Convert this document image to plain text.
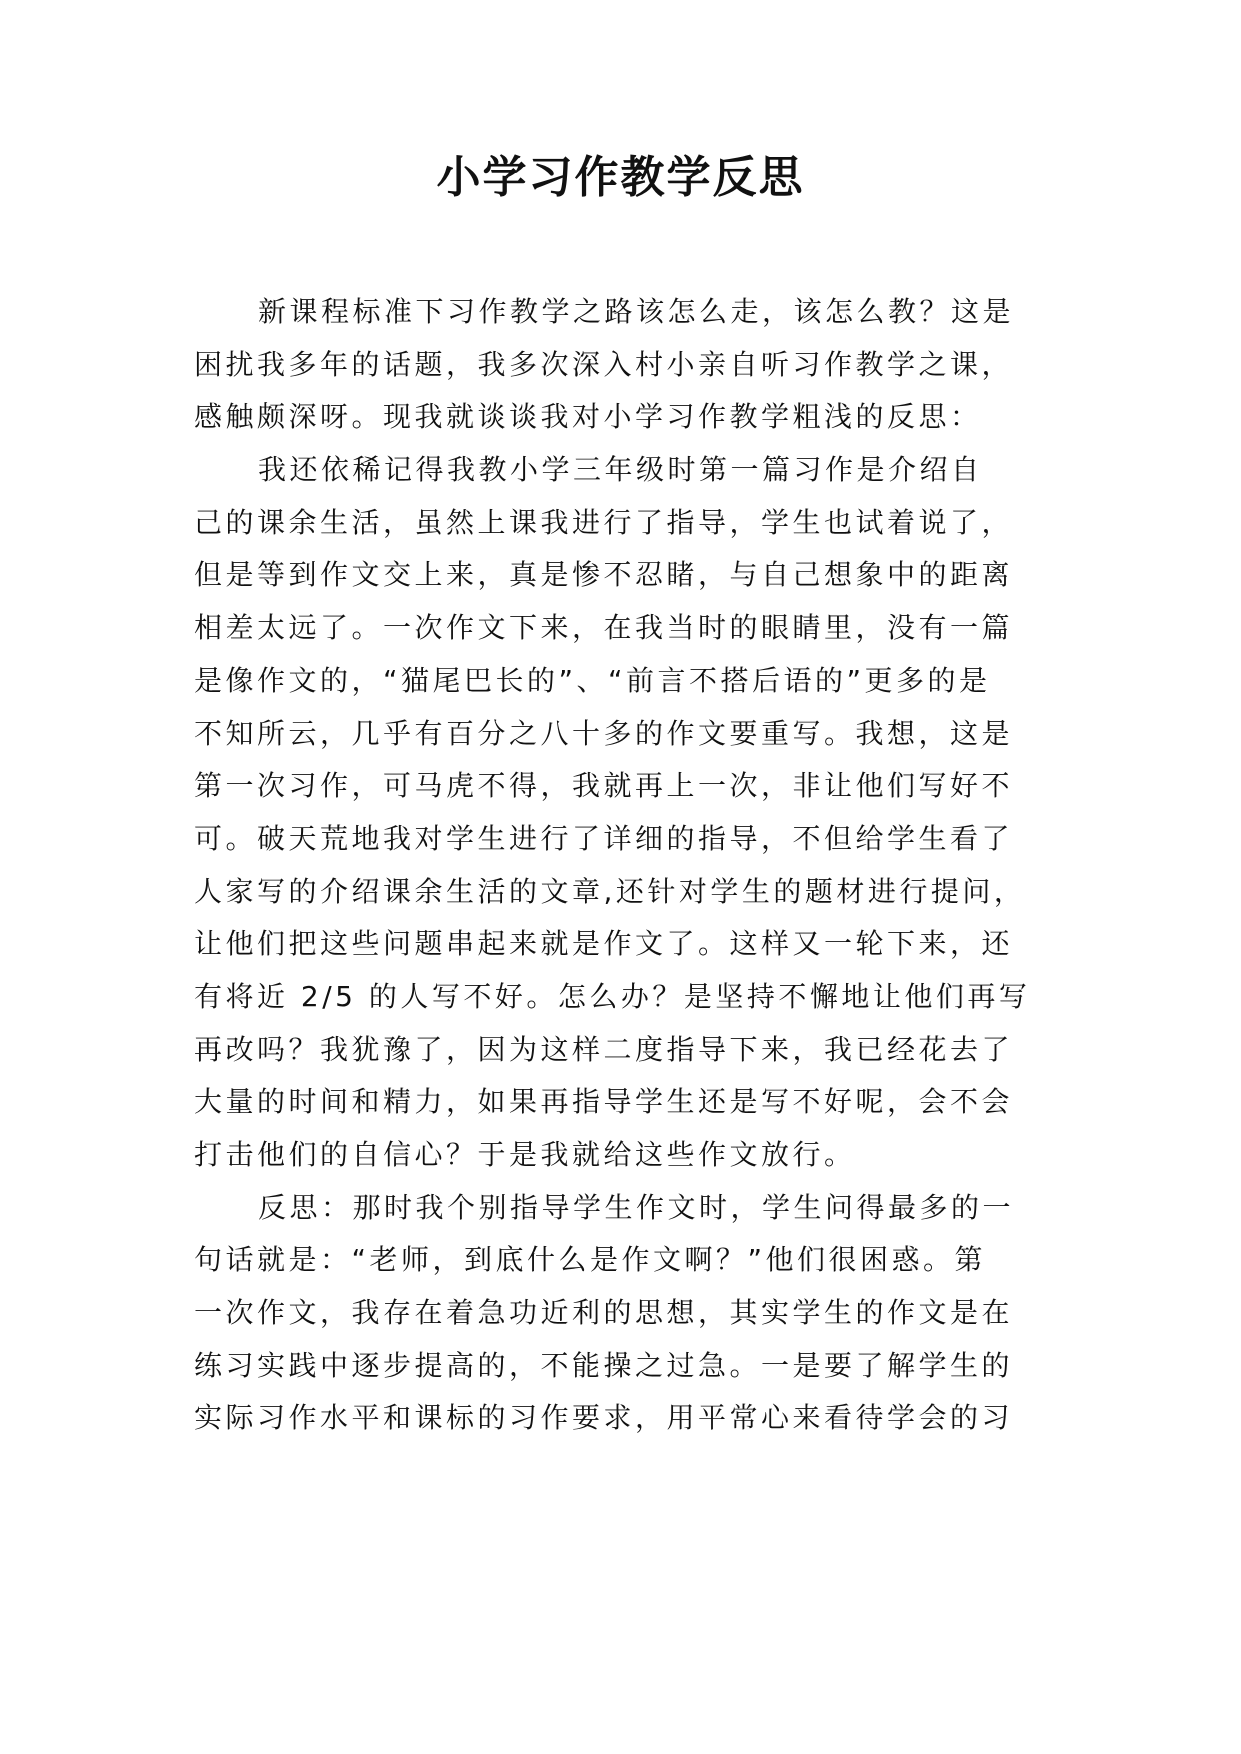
小学习作教学反思

新课程标准下习作教学之路该怎么走，该怎么教？这是
困扰我多年的话题，我多次深入村小亲自听习作教学之课，
感触颇深呀。现我就谈谈我对小学习作教学粗浅的反思：

我还依稀记得我教小学三年级时第一篇习作是介绍自
己的课余生活，虽然上课我进行了指导，学生也试着说了，
但是等到作文交上来，真是惨不忍睹，与自己想象中的距离
相差太远了。一次作文下来，在我当时的眼睛里，没有一篇
是像作文的，“猫尾巴长的”、“前言不搭后语的”更多的是
不知所云，几乎有百分之八十多的作文要重写。我想，这是
第一次习作，可马虎不得，我就再上一次，非让他们写好不
可。破天荒地我对学生进行了详细的指导，不但给学生看了
人家写的介绍课余生活的文章,还针对学生的题材进行提问，
让他们把这些问题串起来就是作文了。这样又一轮下来，还
有将近 2/5 的人写不好。怎么办？是坚持不懈地让他们再写
再改吗？我犹豫了，因为这样二度指导下来，我已经花去了
大量的时间和精力，如果再指导学生还是写不好呢，会不会
打击他们的自信心？于是我就给这些作文放行。

反思：那时我个别指导学生作文时，学生问得最多的一
句话就是：“老师，到底什么是作文啊？”他们很困惑。第
一次作文，我存在着急功近利的思想，其实学生的作文是在
练习实践中逐步提高的，不能操之过急。一是要了解学生的
实际习作水平和课标的习作要求，用平常心来看待学会的习
